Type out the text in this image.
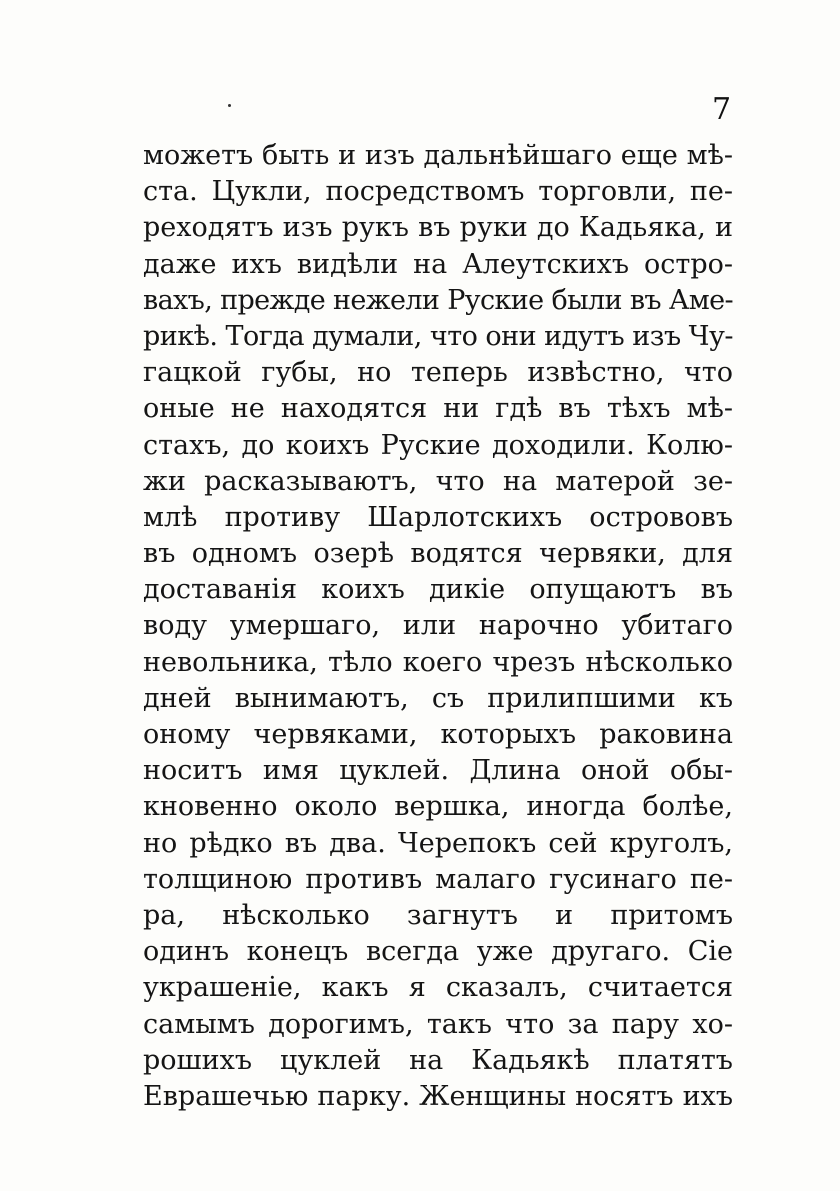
7
можетъ быть и изъ дальнѣйшаго еще мѣ-
ста. Цукли, посредствомъ торговли, пе-
реходятъ изъ рукъ въ руки до Кадьяка, и
даже ихъ видѣли на Алеутскихъ остро-
вахъ, прежде нежели Руские были въ Аме-
рикѣ. Тогда думали, что они идутъ изъ Чу-
гацкой губы, но теперь извѣстно, что
оные не находятся ни гдѣ въ тѣхъ мѣ-
стахъ, до коихъ Руские доходили. Колю-
жи расказываютъ, что на матерой зе-
млѣ противу Шарлотскихъ острововъ
въ одномъ озерѣ водятся червяки, для
доставанія коихъ дикіе опущаютъ въ
воду умершаго, или нарочно убитаго
невольника, тѣло коего чрезъ нѣсколько
дней вынимаютъ, съ прилипшими къ
оному червяками, которыхъ раковина
носитъ имя цуклей. Длина оной обы-
кновенно около вершка, иногда болѣе,
но рѣдко въ два. Черепокъ сей круголъ,
толщиною противъ малаго гусинаго пе-
ра, нѣсколько загнутъ и притомъ
одинъ конецъ всегда уже другаго. Сіе
украшеніе, какъ я сказалъ, считается
самымъ дорогимъ, такъ что за пару хо-
рошихъ цуклей на Кадьякѣ платятъ
Еврашечью парку. Женщины носятъ ихъ
